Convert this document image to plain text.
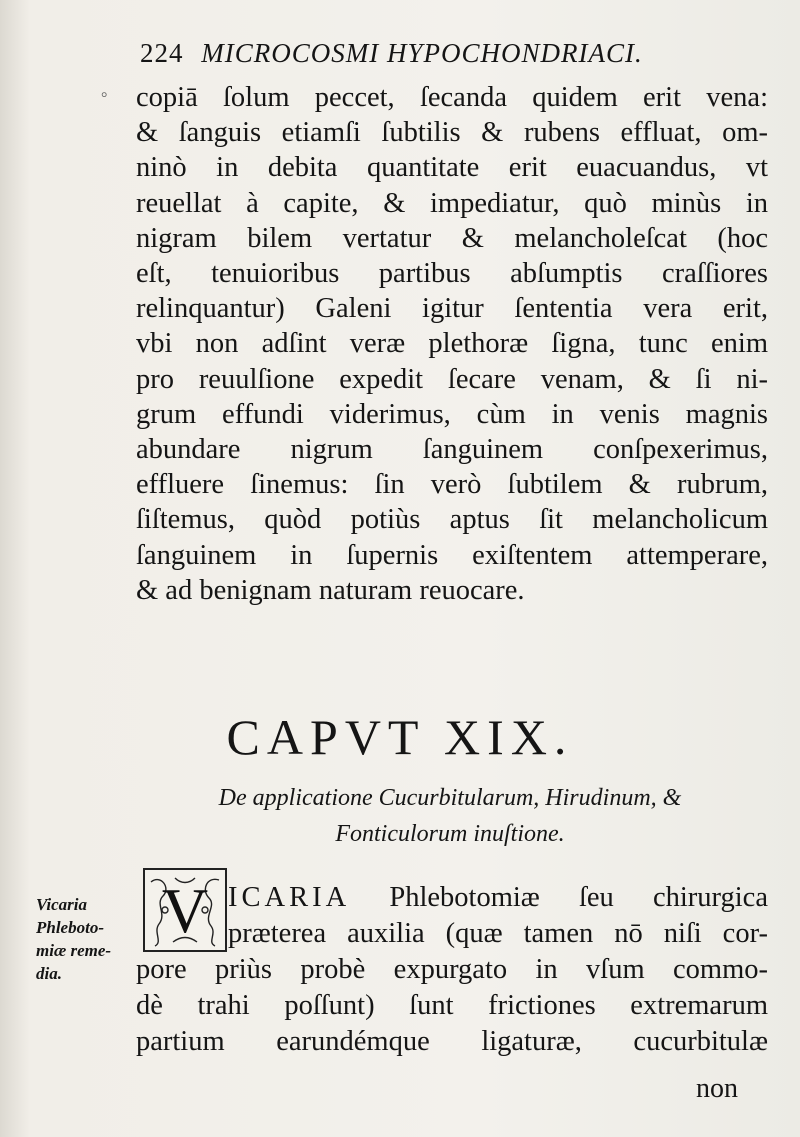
°
224 MICROCOSMI HYPOCHONDRIACI.
copiā ſolum peccet, ſecanda quidem erit vena:
& ſanguis etiamſi ſubtilis & rubens effluat, om-
ninò in debita quantitate erit euacuandus, vt
reuellat à capite, & impediatur, quò minùs in
nigram bilem vertatur & melancholeſcat (hoc
eſt, tenuioribus partibus abſumptis craſſiores
relinquantur) Galeni igitur ſententia vera erit,
vbi non adſint veræ plethoræ ſigna, tunc enim
pro reuulſione expedit ſecare venam, & ſi ni-
grum effundi viderimus, cùm in venis magnis
abundare nigrum ſanguinem conſpexerimus,
effluere ſinemus: ſin verò ſubtilem & rubrum,
ſiſtemus, quòd potiùs aptus ſit melancholicum
ſanguinem in ſupernis exiſtentem attemperare,
& ad benignam naturam reuocare.
CAPVT XIX.
De applicatione Cucurbitularum, Hirudinum, &
Fonticulorum inuſtione.
Vicaria
Phleboto-
miæ reme-
dia.
V ICARIA Phlebotomiæ ſeu chirurgica
præterea auxilia (quæ tamen nō niſi cor-
pore priùs probè expurgato in vſum commo-
dè trahi poſſunt) ſunt frictiones extremarum
partium earundémque ligaturæ, cucurbitulæ
non
